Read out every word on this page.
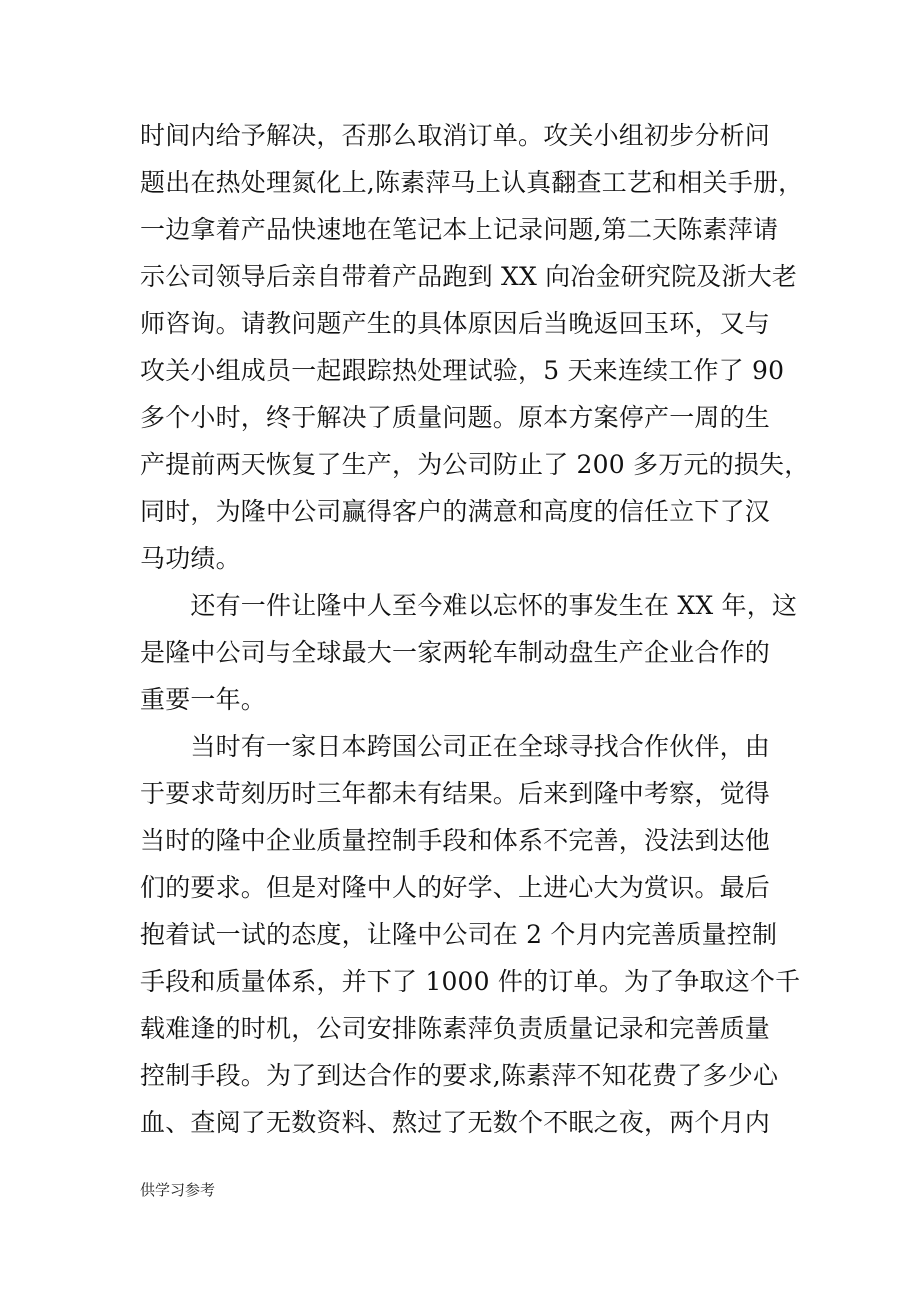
时间内给予解决，否那么取消订单。攻关小组初步分析问
题出在热处理氮化上,陈素萍马上认真翻查工艺和相关手册，
一边拿着产品快速地在笔记本上记录问题,第二天陈素萍请
示公司领导后亲自带着产品跑到 XX 向冶金研究院及浙大老
师咨询。请教问题产生的具体原因后当晚返回玉环，又与
攻关小组成员一起跟踪热处理试验，5 天来连续工作了 90
多个小时，终于解决了质量问题。原本方案停产一周的生
产提前两天恢复了生产，为公司防止了 200 多万元的损失，
同时，为隆中公司赢得客户的满意和高度的信任立下了汉
马功绩。
　　还有一件让隆中人至今难以忘怀的事发生在 XX 年，这
是隆中公司与全球最大一家两轮车制动盘生产企业合作的
重要一年。
　　当时有一家日本跨国公司正在全球寻找合作伙伴，由
于要求苛刻历时三年都未有结果。后来到隆中考察，觉得
当时的隆中企业质量控制手段和体系不完善，没法到达他
们的要求。但是对隆中人的好学、上进心大为赏识。最后
抱着试一试的态度，让隆中公司在 2 个月内完善质量控制
手段和质量体系，并下了 1000 件的订单。为了争取这个千
载难逢的时机，公司安排陈素萍负责质量记录和完善质量
控制手段。为了到达合作的要求,陈素萍不知花费了多少心
血、查阅了无数资料、熬过了无数个不眠之夜，两个月内
供学习参考
